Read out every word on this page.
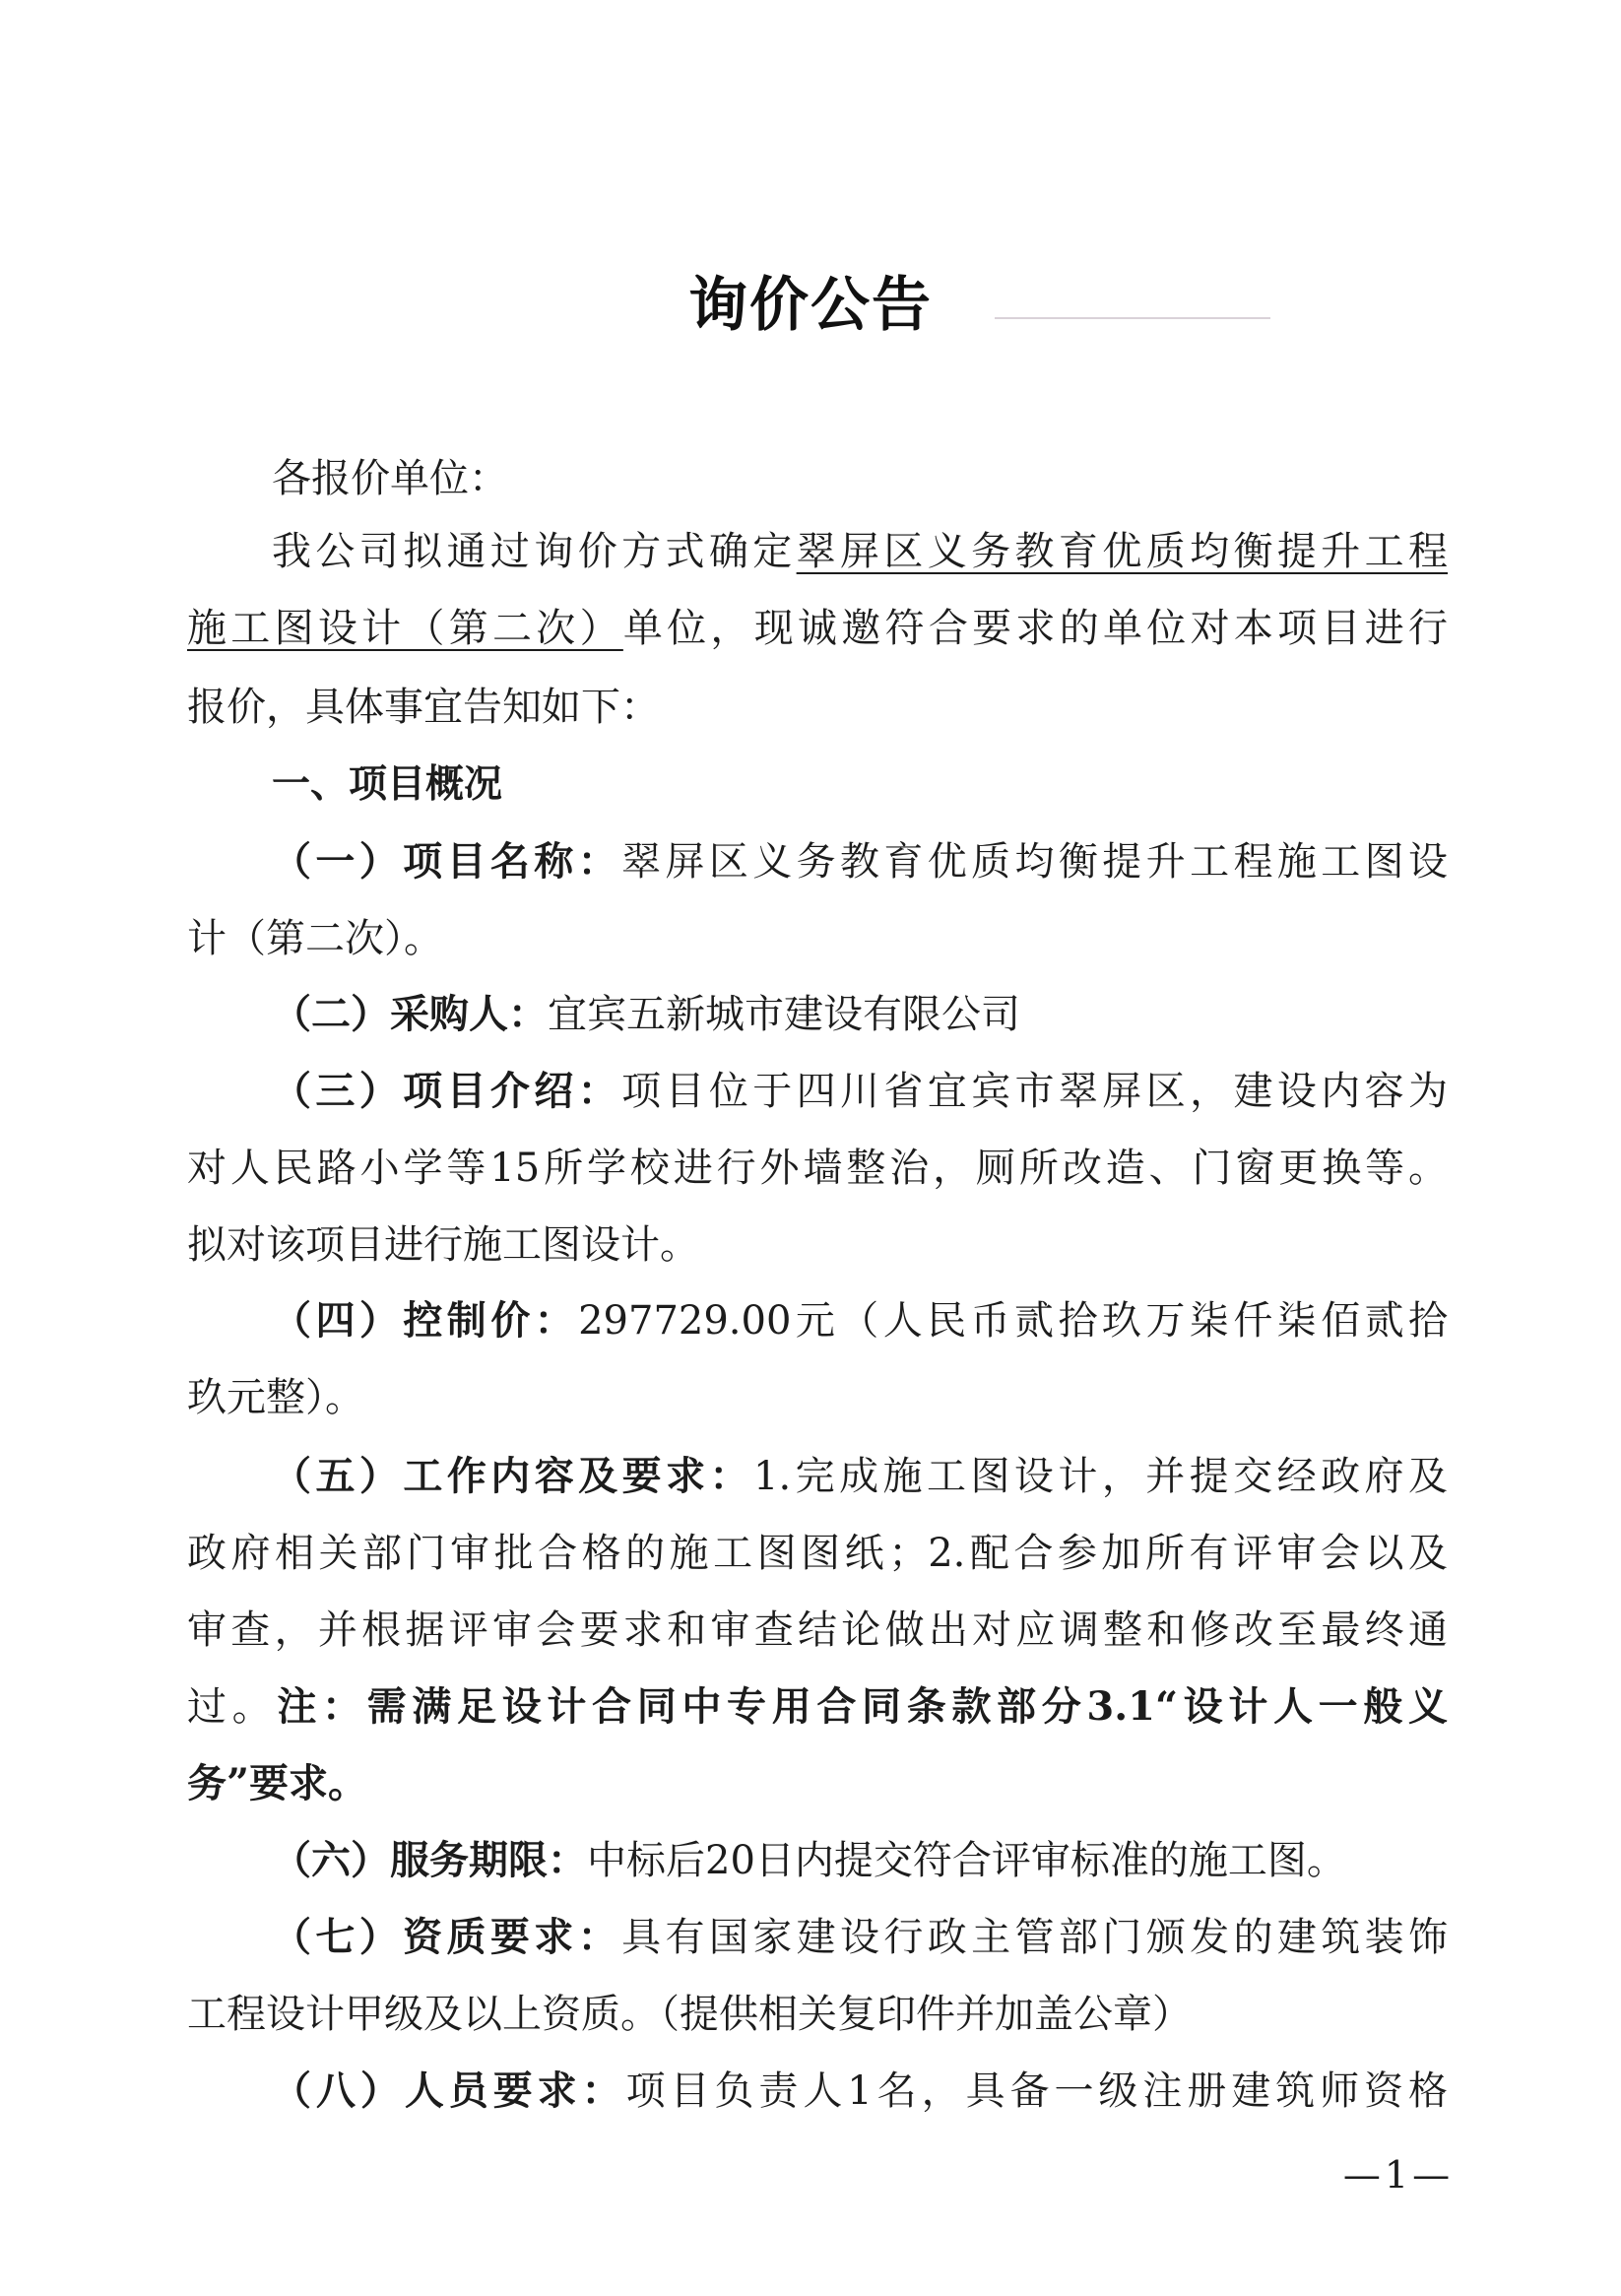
询价公告
各报价单位：
我公司拟通过询价方式确定翠屏区义务教育优质均衡提升工程
施工图设计（第二次）单位，现诚邀符合要求的单位对本项目进行
报价，具体事宜告知如下：
一、项目概况
（一）项目名称：翠屏区义务教育优质均衡提升工程施工图设
计（第二次）。
（二）采购人：宜宾五新城市建设有限公司
（三）项目介绍：项目位于四川省宜宾市翠屏区，建设内容为
对人民路小学等15所学校进行外墙整治，厕所改造、门窗更换等。
拟对该项目进行施工图设计。
（四）控制价：297729.00元（人民币贰拾玖万柒仟柒佰贰拾
玖元整）。
（五）工作内容及要求：1.完成施工图设计，并提交经政府及
政府相关部门审批合格的施工图图纸；2.配合参加所有评审会以及
审查，并根据评审会要求和审查结论做出对应调整和修改至最终通
过。注：需满足设计合同中专用合同条款部分3.1“设计人一般义
务”要求。
（六）服务期限：中标后20日内提交符合评审标准的施工图。
（七）资质要求：具有国家建设行政主管部门颁发的建筑装饰
工程设计甲级及以上资质。（提供相关复印件并加盖公章）
（八）人员要求：项目负责人1名，具备一级注册建筑师资格
—1—
